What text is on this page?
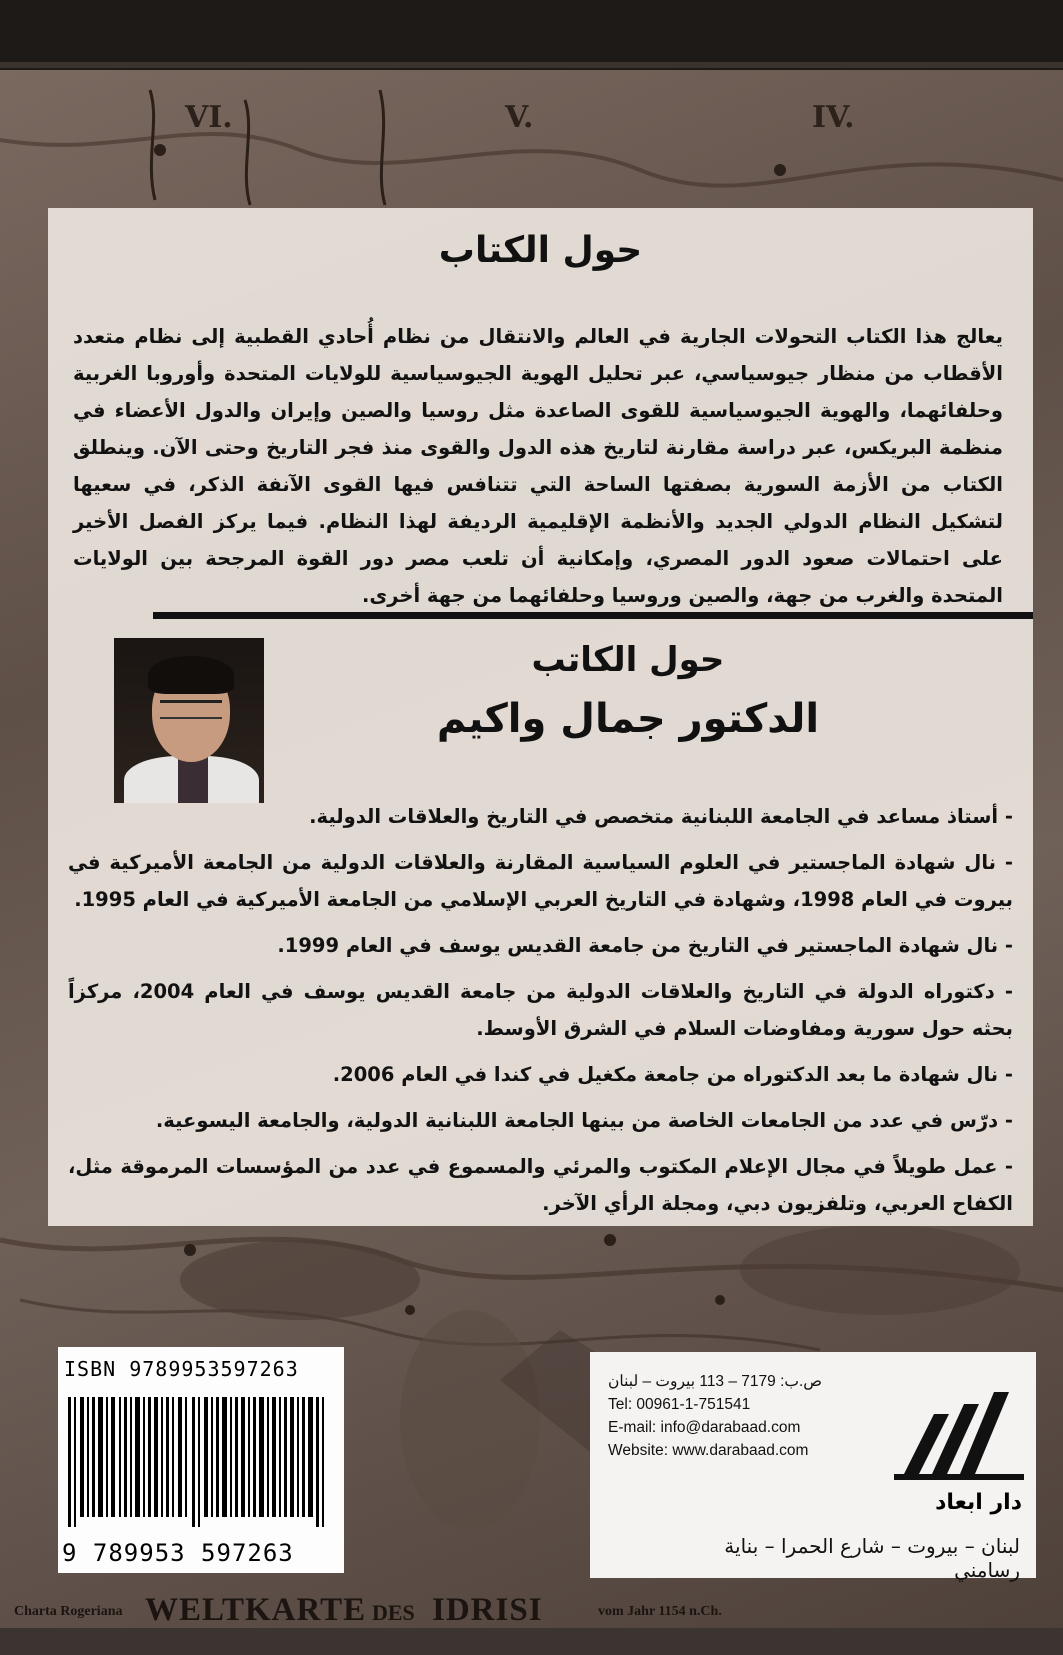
VI.	V.	IV.
حول الكتاب
يعالج هذا الكتاب التحولات الجارية في العالم والانتقال من نظام أُحادي القطبية إلى نظام متعدد الأقطاب من منظار جيوسياسي، عبر تحليل الهوية الجيوسياسية للولايات المتحدة وأوروبا الغربية وحلفائهما، والهوية الجيوسياسية للقوى الصاعدة مثل روسيا والصين وإيران والدول الأعضاء في منظمة البريكس، عبر دراسة مقارنة لتاريخ هذه الدول والقوى منذ فجر التاريخ وحتى الآن. وينطلق الكتاب من الأزمة السورية بصفتها الساحة التي تتنافس فيها القوى الآنفة الذكر، في سعيها لتشكيل النظام الدولي الجديد والأنظمة الإقليمية الرديفة لهذا النظام. فيما يركز الفصل الأخير على احتمالات صعود الدور المصري، وإمكانية أن تلعب مصر دور القوة المرجحة بين الولايات المتحدة والغرب من جهة، والصين وروسيا وحلفائهما من جهة أخرى.
حول الكاتب
الدكتور جمال واكيم
- أستاذ مساعد في الجامعة اللبنانية متخصص في التاريخ والعلاقات الدولية.
- نال شهادة الماجستير في العلوم السياسية المقارنة والعلاقات الدولية من الجامعة الأميركية في بيروت في العام 1998، وشهادة في التاريخ العربي الإسلامي من الجامعة الأميركية في العام 1995.
- نال شهادة الماجستير في التاريخ من جامعة القديس يوسف في العام 1999.
- دكتوراه الدولة في التاريخ والعلاقات الدولية من جامعة القديس يوسف في العام 2004، مركزاً بحثه حول سورية ومفاوضات السلام في الشرق الأوسط.
- نال شهادة ما بعد الدكتوراه من جامعة مكغيل في كندا في العام 2006.
- درّس في عدد من الجامعات الخاصة من بينها الجامعة اللبنانية الدولية، والجامعة اليسوعية.
- عمل طويلاً في مجال الإعلام المكتوب والمرئي والمسموع في عدد من المؤسسات المرموقة مثل، الكفاح العربي، وتلفزيون دبي، ومجلة الرأي الآخر.
ISBN 9789953597263
9 789953 597263
دار ابعاد
ص.ب: 7179 – 113 بيروت – لبنان
Tel: 00961-1-751541
E-mail: info@darabaad.com
Website: www.darabaad.com
لبنان – بيروت – شارع الحمرا – بناية رسامني
Charta Rogeriana WELTKARTE DES IDRISI	vom Jahr 1154 n.Ch.
